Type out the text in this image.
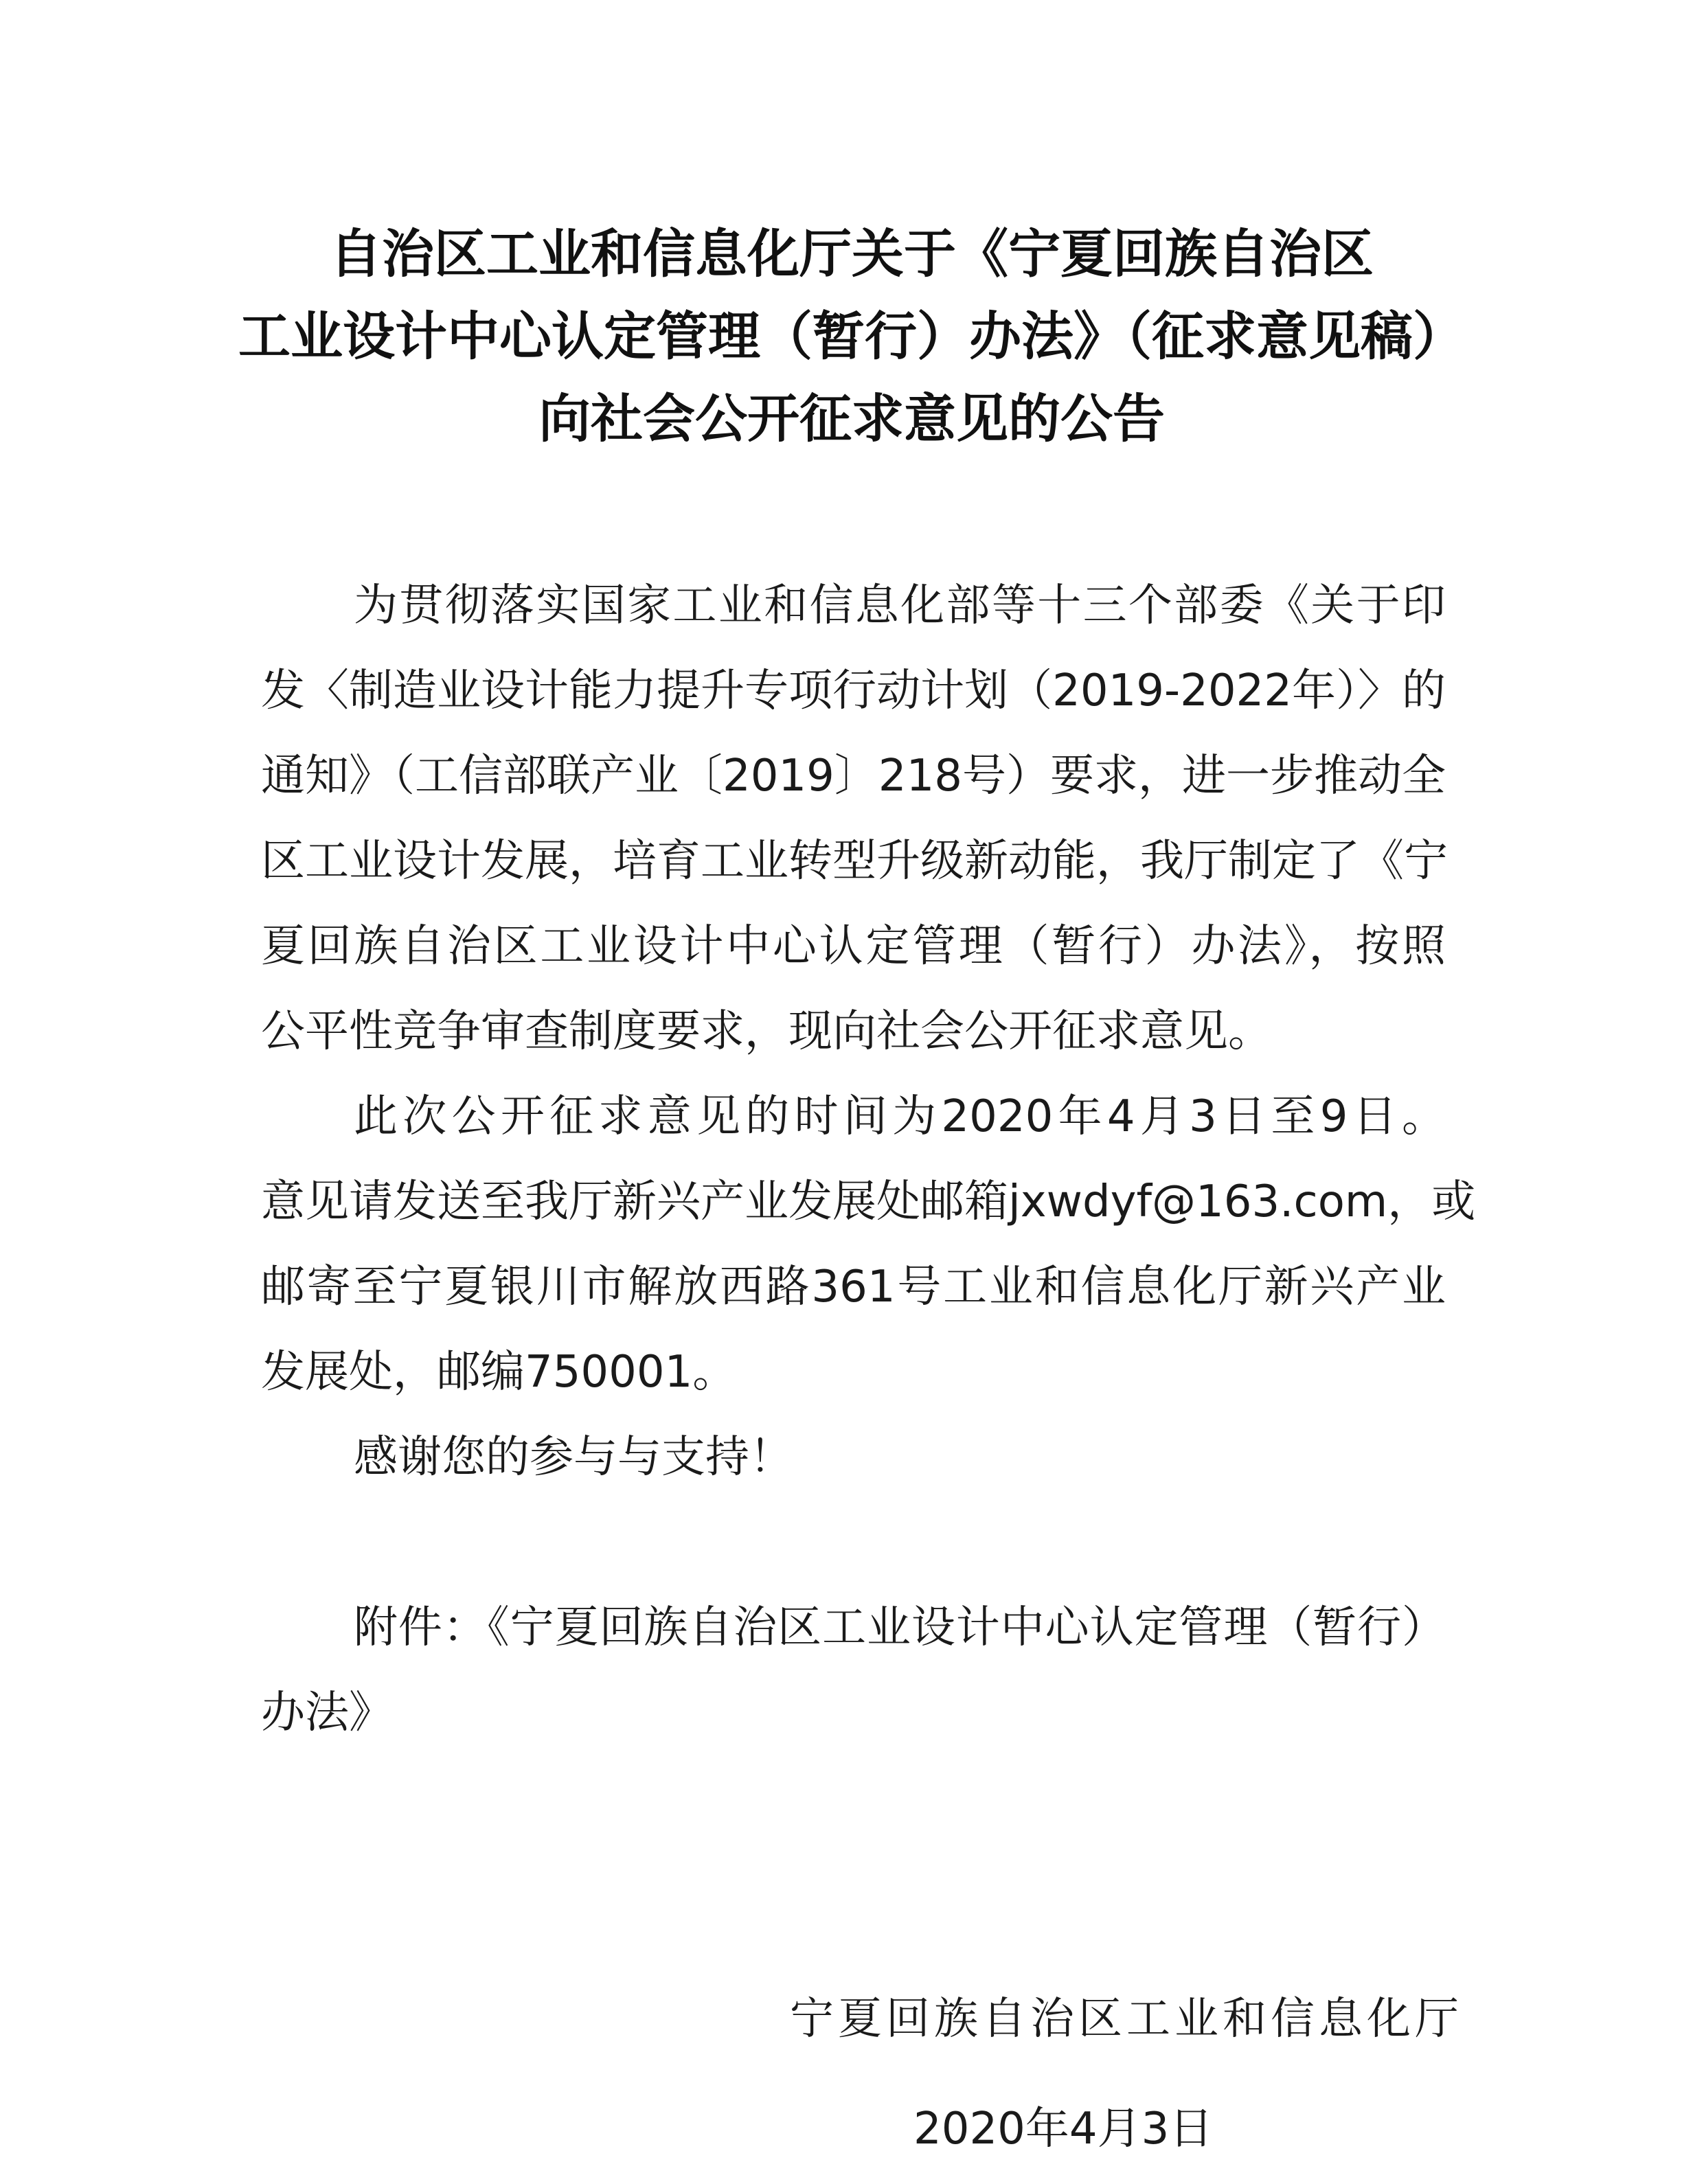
自治区工业和信息化厅关于《宁夏回族自治区
工业设计中心认定管理（暂行）办法》（征求意见稿）
向社会公开征求意见的公告
为贯彻落实国家工业和信息化部等十三个部委《关于印
发〈制造业设计能力提升专项行动计划（2019-2022年）〉的
通知》（工信部联产业〔2019〕218号）要求，进一步推动全
区工业设计发展，培育工业转型升级新动能，我厅制定了《宁
夏回族自治区工业设计中心认定管理（暂行）办法》，按照
公平性竞争审查制度要求，现向社会公开征求意见。
此次公开征求意见的时间为2020年4月3日至9日。
意见请发送至我厅新兴产业发展处邮箱jxwdyf@163.com，或
邮寄至宁夏银川市解放西路361号工业和信息化厅新兴产业
发展处，邮编750001。
感谢您的参与与支持！
附件：《宁夏回族自治区工业设计中心认定管理（暂行）
办法》
宁夏回族自治区工业和信息化厅
2020年4月3日
